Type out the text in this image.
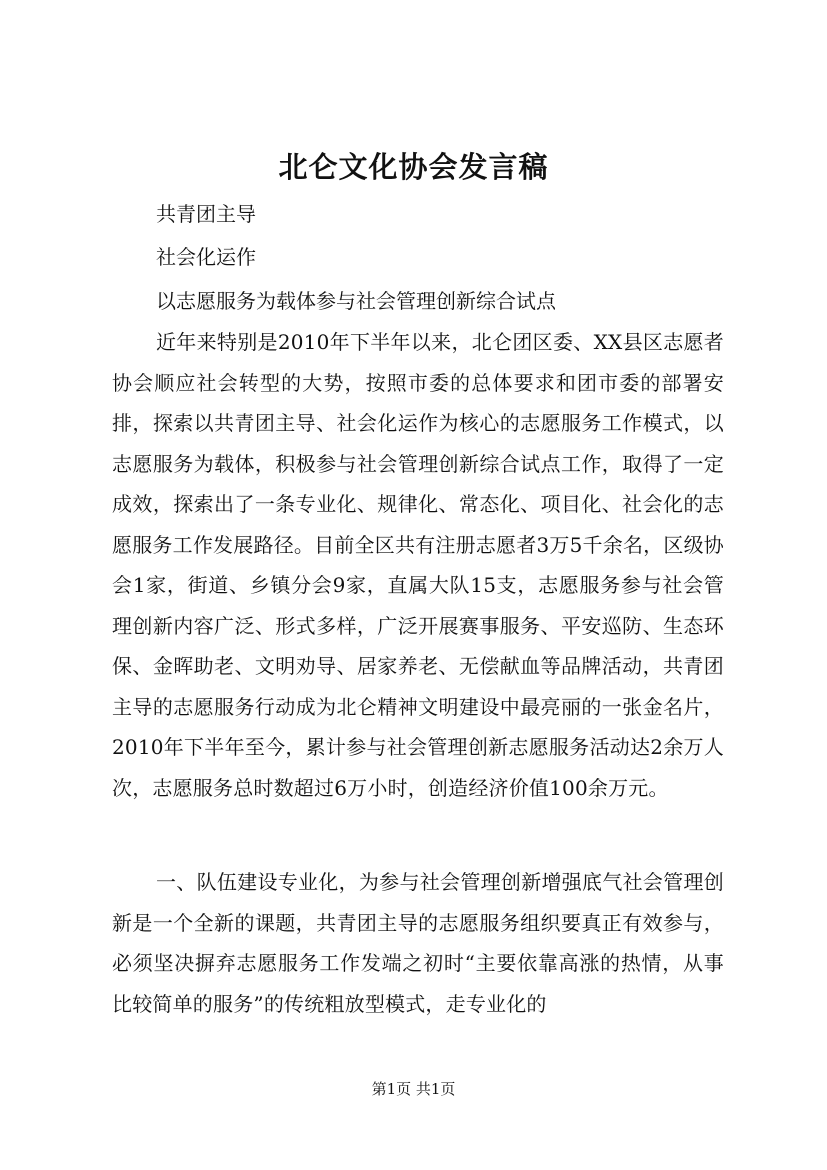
北仑文化协会发言稿

共青团主导

社会化运作

以志愿服务为载体参与社会管理创新综合试点

近年来特别是2010年下半年以来，北仑团区委、XX县区志愿者协会顺应社会转型的大势，按照市委的总体要求和团市委的部署安排，探索以共青团主导、社会化运作为核心的志愿服务工作模式，以志愿服务为载体，积极参与社会管理创新综合试点工作，取得了一定成效，探索出了一条专业化、规律化、常态化、项目化、社会化的志愿服务工作发展路径。目前全区共有注册志愿者3万5千余名，区级协会1家，街道、乡镇分会9家，直属大队15支，志愿服务参与社会管理创新内容广泛、形式多样，广泛开展赛事服务、平安巡防、生态环保、金晖助老、文明劝导、居家养老、无偿献血等品牌活动，共青团主导的志愿服务行动成为北仑精神文明建设中最亮丽的一张金名片，2010年下半年至今，累计参与社会管理创新志愿服务活动达2余万人次，志愿服务总时数超过6万小时，创造经济价值100余万元。

一、队伍建设专业化，为参与社会管理创新增强底气社会管理创新是一个全新的课题，共青团主导的志愿服务组织要真正有效参与，必须坚决摒弃志愿服务工作发端之初时“主要依靠高涨的热情，从事比较简单的服务”的传统粗放型模式，走专业化的

第1页 共1页
